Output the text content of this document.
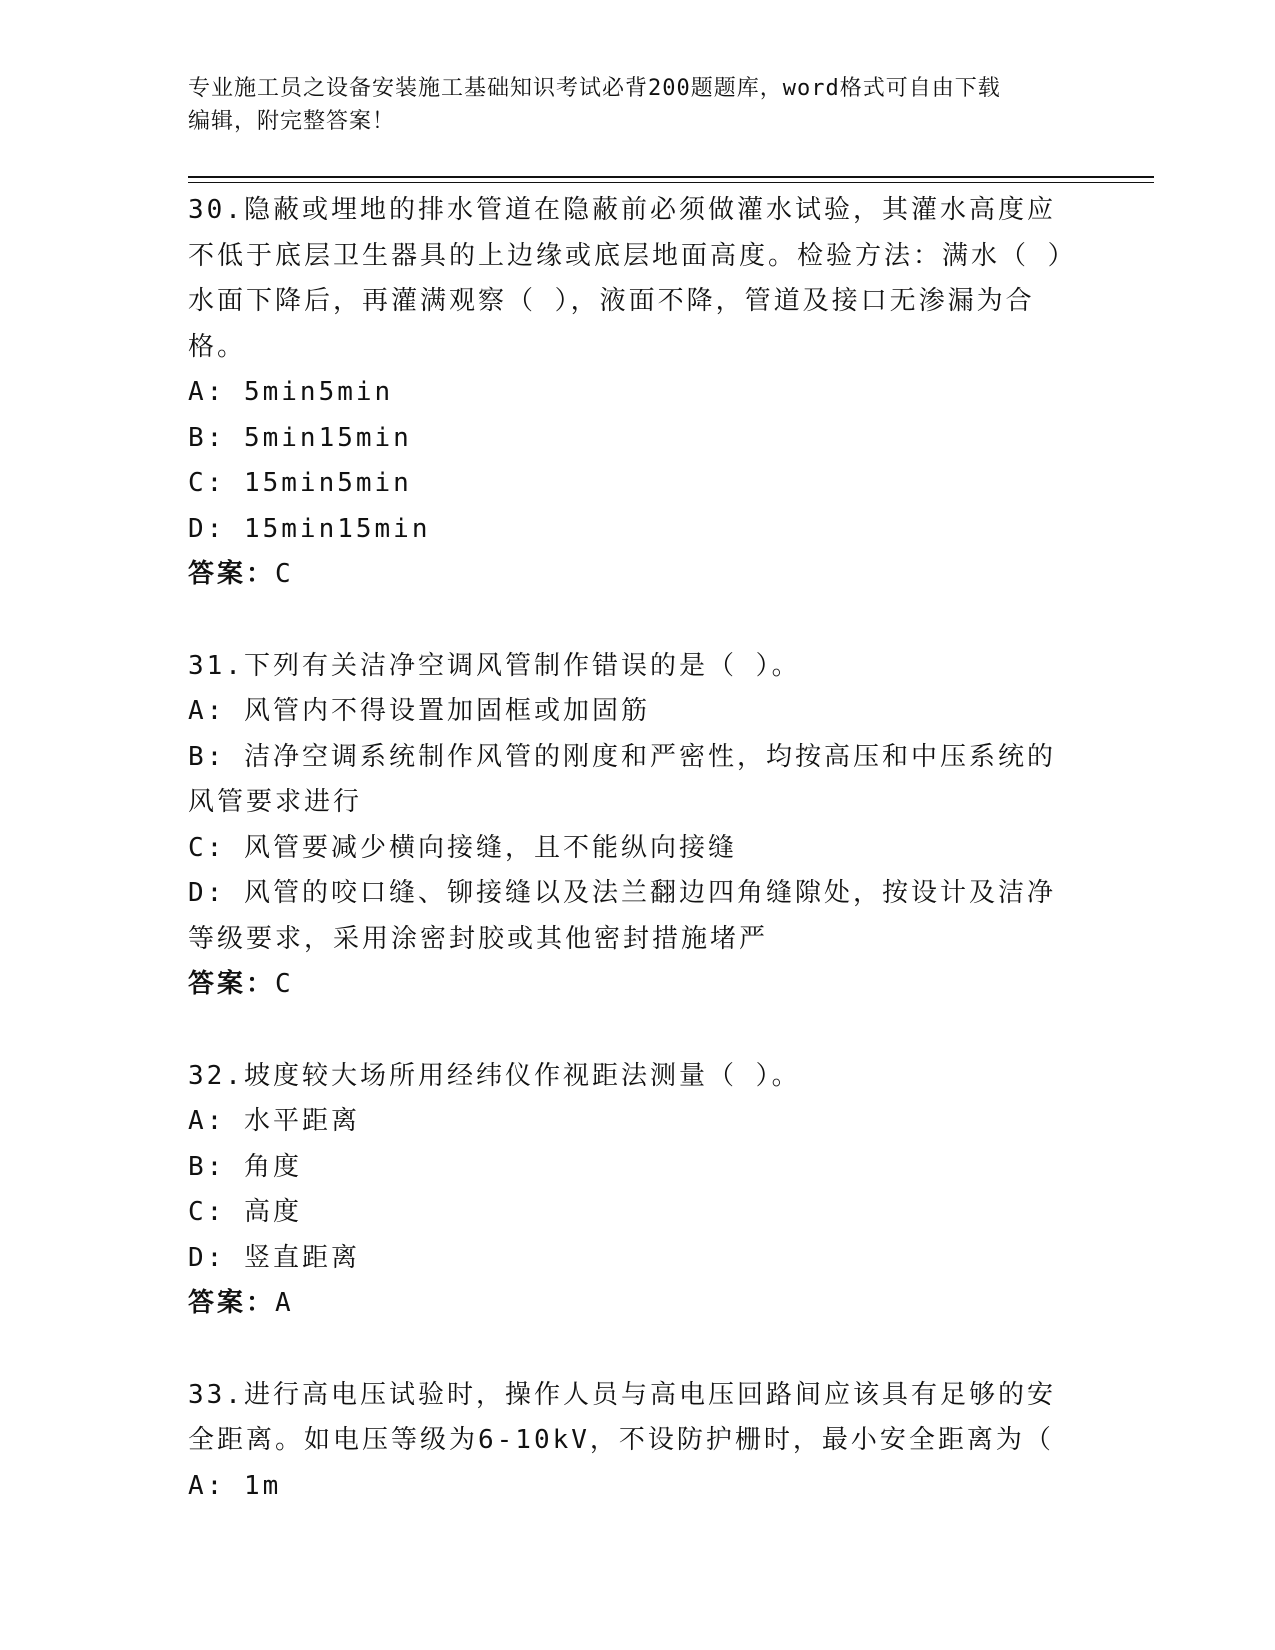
专业施工员之设备安装施工基础知识考试必背200题题库，word格式可自由下载
编辑，附完整答案！

30.隐蔽或埋地的排水管道在隐蔽前必须做灌水试验，其灌水高度应不低于底层卫生器具的上边缘或底层地面高度。检验方法：满水（ ）水面下降后，再灌满观察（ ），液面不降，管道及接口无渗漏为合格。

A: 5min5min

B: 5min15min

C: 15min5min

D: 15min15min

答案：C

31.下列有关洁净空调风管制作错误的是（ ）。

A: 风管内不得设置加固框或加固筋

B: 洁净空调系统制作风管的刚度和严密性，均按高压和中压系统的风管要求进行

C: 风管要减少横向接缝，且不能纵向接缝

D: 风管的咬口缝、铆接缝以及法兰翻边四角缝隙处，按设计及洁净等级要求，采用涂密封胶或其他密封措施堵严

答案：C

32.坡度较大场所用经纬仪作视距法测量（ ）。

A: 水平距离

B: 角度

C: 高度

D: 竖直距离

答案：A

33.进行高电压试验时，操作人员与高电压回路间应该具有足够的安全距离。如电压等级为6-10kV，不设防护栅时，最小安全距离为（

A: 1m
